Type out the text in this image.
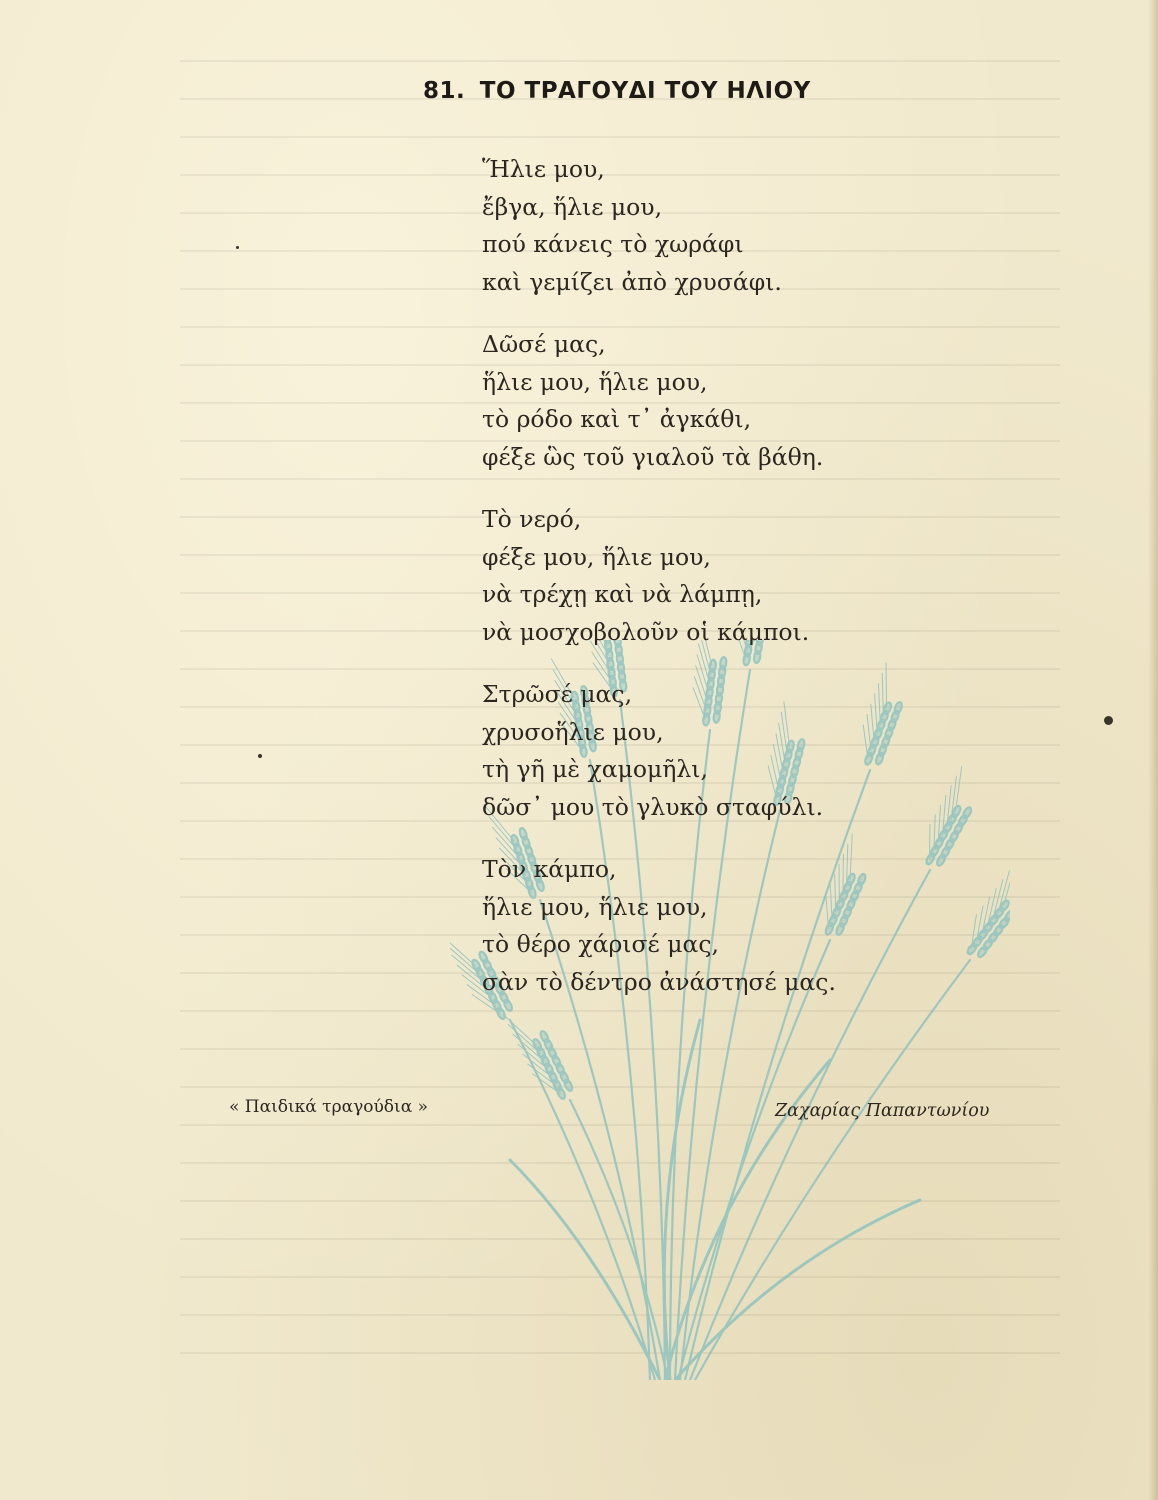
81. ΤΟ ΤΡΑΓΟΥΔΙ ΤΟΥ ΗΛΙΟΥ
Ἥλιε μου,
ἔβγα, ἥλιε μου,
πού κάνεις τὸ χωράφι
καὶ γεμίζει ἀπὸ χρυσάφι.
Δῶσέ μας,
ἥλιε μου, ἥλιε μου,
τὸ ρόδο καὶ τ᾽ ἀγκάθι,
φέξε ὣς τοῦ γιαλοῦ τὰ βάθη.
Τὸ νερό,
φέξε μου, ἥλιε μου,
νὰ τρέχῃ καὶ νὰ λάμπῃ,
νὰ μοσχοβολοῦν οἱ κάμποι.
Στρῶσέ μας,
χρυσοἥλιε μου,
τὴ γῆ μὲ χαμομῆλι,
δῶσ᾽ μου τὸ γλυκὸ σταφύλι.
Τὸν κάμπο,
ἥλιε μου, ἥλιε μου,
τὸ θέρο χάρισέ μας,
σὰν τὸ δέντρο ἀνάστησέ μας.
« Παιδικά τραγούδια »	Ζαχαρίας Παπαντωνίου
